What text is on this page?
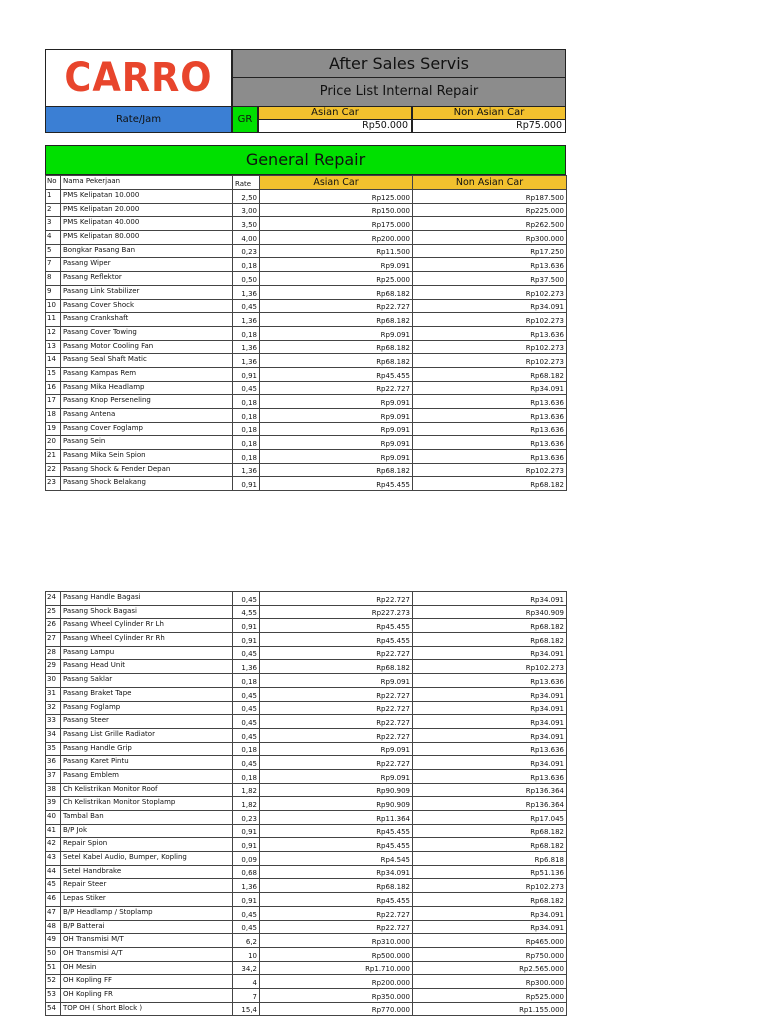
CARRO	After Sales Servis
Price List Internal Repair
Rate/Jam	GR
Asian Car	Non Asian Car
Rp50.000	Rp75.000
General Repair
No	Nama Pekerjaan	Rate	Asian Car	Non Asian Car
1	PMS Kelipatan 10.000	2,50	Rp125.000	Rp187.500
2	PMS Kelipatan 20.000	3,00	Rp150.000	Rp225.000
3	PMS Kelipatan 40.000	3,50	Rp175.000	Rp262.500
4	PMS Kelipatan 80.000	4,00	Rp200.000	Rp300.000
5	Bongkar Pasang Ban	0,23	Rp11.500	Rp17.250
7	Pasang Wiper	0,18	Rp9.091	Rp13.636
8	Pasang Reflektor	0,50	Rp25.000	Rp37.500
9	Pasang Link Stabilizer	1,36	Rp68.182	Rp102.273
10	Pasang Cover Shock	0,45	Rp22.727	Rp34.091
11	Pasang Crankshaft	1,36	Rp68.182	Rp102.273
12	Pasang Cover Towing	0,18	Rp9.091	Rp13.636
13	Pasang Motor Cooling Fan	1,36	Rp68.182	Rp102.273
14	Pasang Seal Shaft Matic	1,36	Rp68.182	Rp102.273
15	Pasang Kampas Rem	0,91	Rp45.455	Rp68.182
16	Pasang Mika Headlamp	0,45	Rp22.727	Rp34.091
17	Pasang Knop Perseneling	0,18	Rp9.091	Rp13.636
18	Pasang Antena	0,18	Rp9.091	Rp13.636
19	Pasang Cover Foglamp	0,18	Rp9.091	Rp13.636
20	Pasang Sein	0,18	Rp9.091	Rp13.636
21	Pasang Mika Sein Spion	0,18	Rp9.091	Rp13.636
22	Pasang Shock & Fender Depan	1,36	Rp68.182	Rp102.273
23	Pasang Shock Belakang	0,91	Rp45.455	Rp68.182
24	Pasang Handle Bagasi	0,45	Rp22.727	Rp34.091
25	Pasang Shock Bagasi	4,55	Rp227.273	Rp340.909
26	Pasang Wheel Cylinder Rr Lh	0,91	Rp45.455	Rp68.182
27	Pasang Wheel Cylinder Rr Rh	0,91	Rp45.455	Rp68.182
28	Pasang Lampu	0,45	Rp22.727	Rp34.091
29	Pasang Head Unit	1,36	Rp68.182	Rp102.273
30	Pasang Saklar	0,18	Rp9.091	Rp13.636
31	Pasang Braket Tape	0,45	Rp22.727	Rp34.091
32	Pasang Foglamp	0,45	Rp22.727	Rp34.091
33	Pasang Steer	0,45	Rp22.727	Rp34.091
34	Pasang List Grille Radiator	0,45	Rp22.727	Rp34.091
35	Pasang Handle Grip	0,18	Rp9.091	Rp13.636
36	Pasang Karet Pintu	0,45	Rp22.727	Rp34.091
37	Pasang Emblem	0,18	Rp9.091	Rp13.636
38	Ch Kelistrikan Monitor Roof	1,82	Rp90.909	Rp136.364
39	Ch Kelistrikan Monitor Stoplamp	1,82	Rp90.909	Rp136.364
40	Tambal Ban	0,23	Rp11.364	Rp17.045
41	B/P Jok	0,91	Rp45.455	Rp68.182
42	Repair Spion	0,91	Rp45.455	Rp68.182
43	Setel Kabel Audio, Bumper, Kopling	0,09	Rp4.545	Rp6.818
44	Setel Handbrake	0,68	Rp34.091	Rp51.136
45	Repair Steer	1,36	Rp68.182	Rp102.273
46	Lepas Stiker	0,91	Rp45.455	Rp68.182
47	B/P Headlamp / Stoplamp	0,45	Rp22.727	Rp34.091
48	B/P Batterai	0,45	Rp22.727	Rp34.091
49	OH Transmisi M/T	6,2	Rp310.000	Rp465.000
50	OH Transmisi A/T	10	Rp500.000	Rp750.000
51	OH Mesin	34,2	Rp1.710.000	Rp2.565.000
52	OH Kopling FF	4	Rp200.000	Rp300.000
53	OH Kopling FR	7	Rp350.000	Rp525.000
54	TOP OH ( Short Block )	15,4	Rp770.000	Rp1.155.000
